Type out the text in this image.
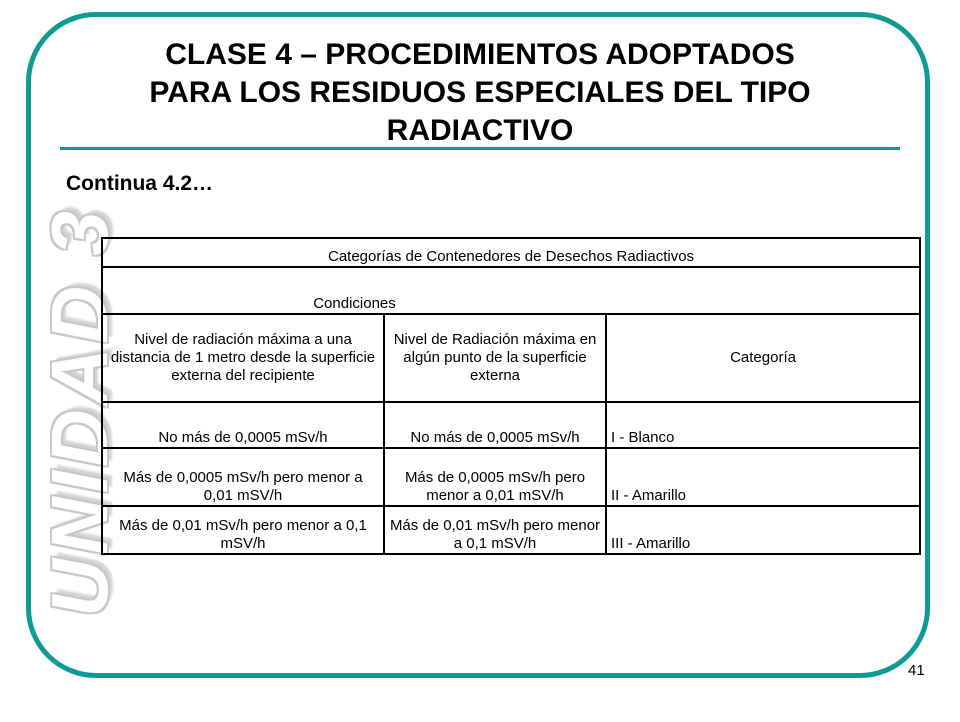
UNIDAD 3
CLASE 4 – PROCEDIMIENTOS ADOPTADOS
PARA LOS RESIDUOS ESPECIALES DEL TIPO
RADIACTIVO
Continua 4.2…
Categorías de Contenedores de Desechos Radiactivos		
Condiciones		
Nivel de radiación máxima a una distancia de 1 metro desde la superficie externa del recipiente	Nivel de Radiación máxima en algún punto de la superficie externa	Categoría
No más de 0,0005 mSv/h	No más de 0,0005 mSv/h	I - Blanco
Más de 0,0005 mSv/h pero menor a 0,01 mSV/h	Más de 0,0005 mSv/h pero menor a 0,01 mSV/h	II - Amarillo
Más de 0,01 mSv/h pero menor a 0,1 mSV/h	Más de 0,01 mSv/h pero menor a 0,1 mSV/h	III - Amarillo
41
